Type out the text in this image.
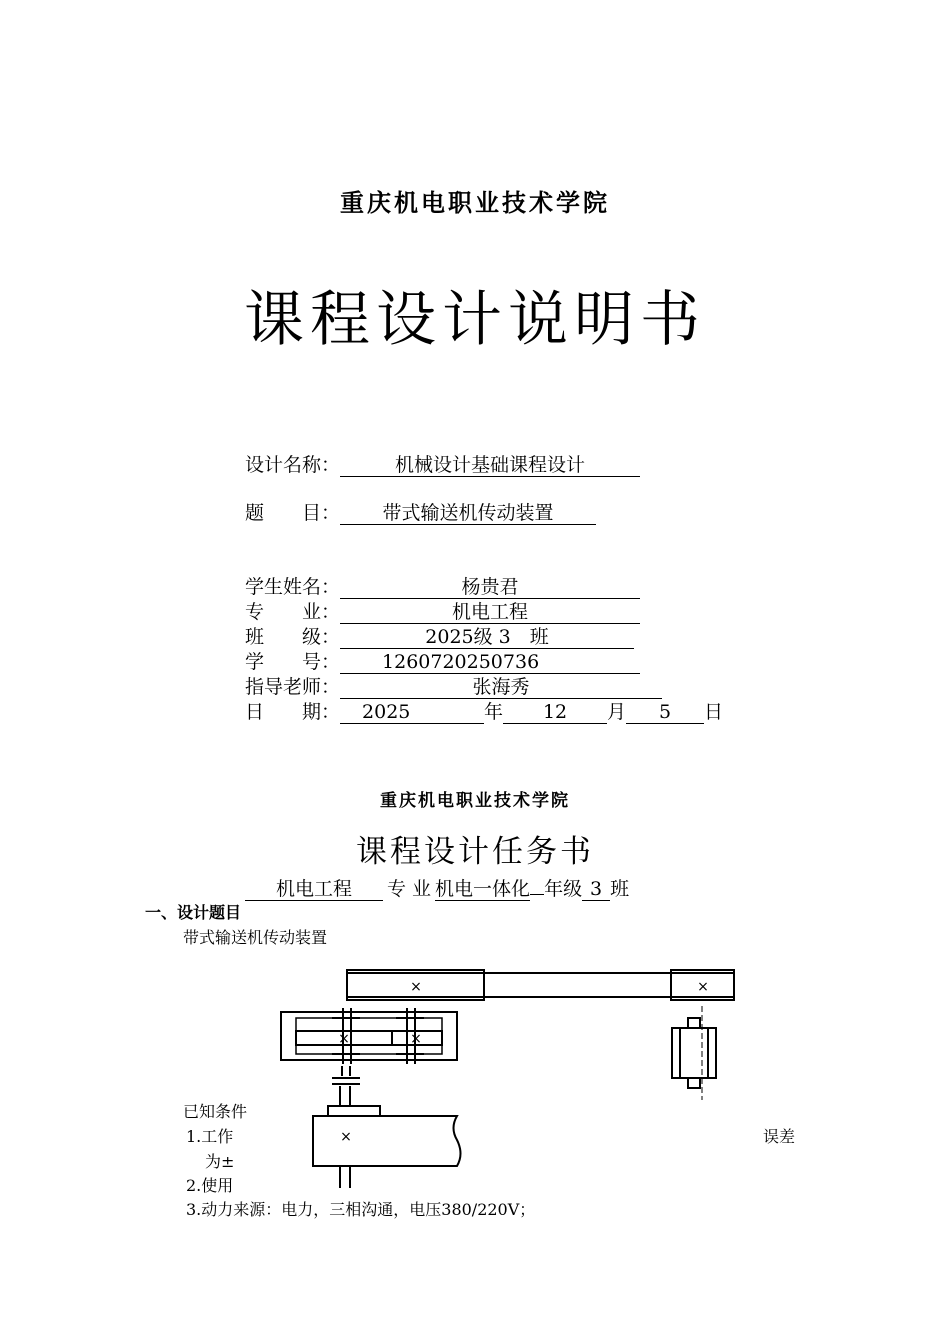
重庆机电职业技术学院
课程设计说明书
设计名称：	机械设计基础课程设计
题　　目： 带式输送机传动装置
学生姓名：	杨贵君
专　　业：	机电工程
班　　级：	2025级 3　班
学　　号： 1260720250736
指导老师：	张海秀
日　　期： 2025	年 12 月 5 日
重庆机电职业技术学院
课程设计任务书
机电工程 专 业 机电一体化 年级 3 班
一、设计题目
带式输送机传动装置
已知条件
1.工作	误差
为±
2.使用
3.动力来源：电力，三相沟通，电压380/220V；
×	×
×	×
×
